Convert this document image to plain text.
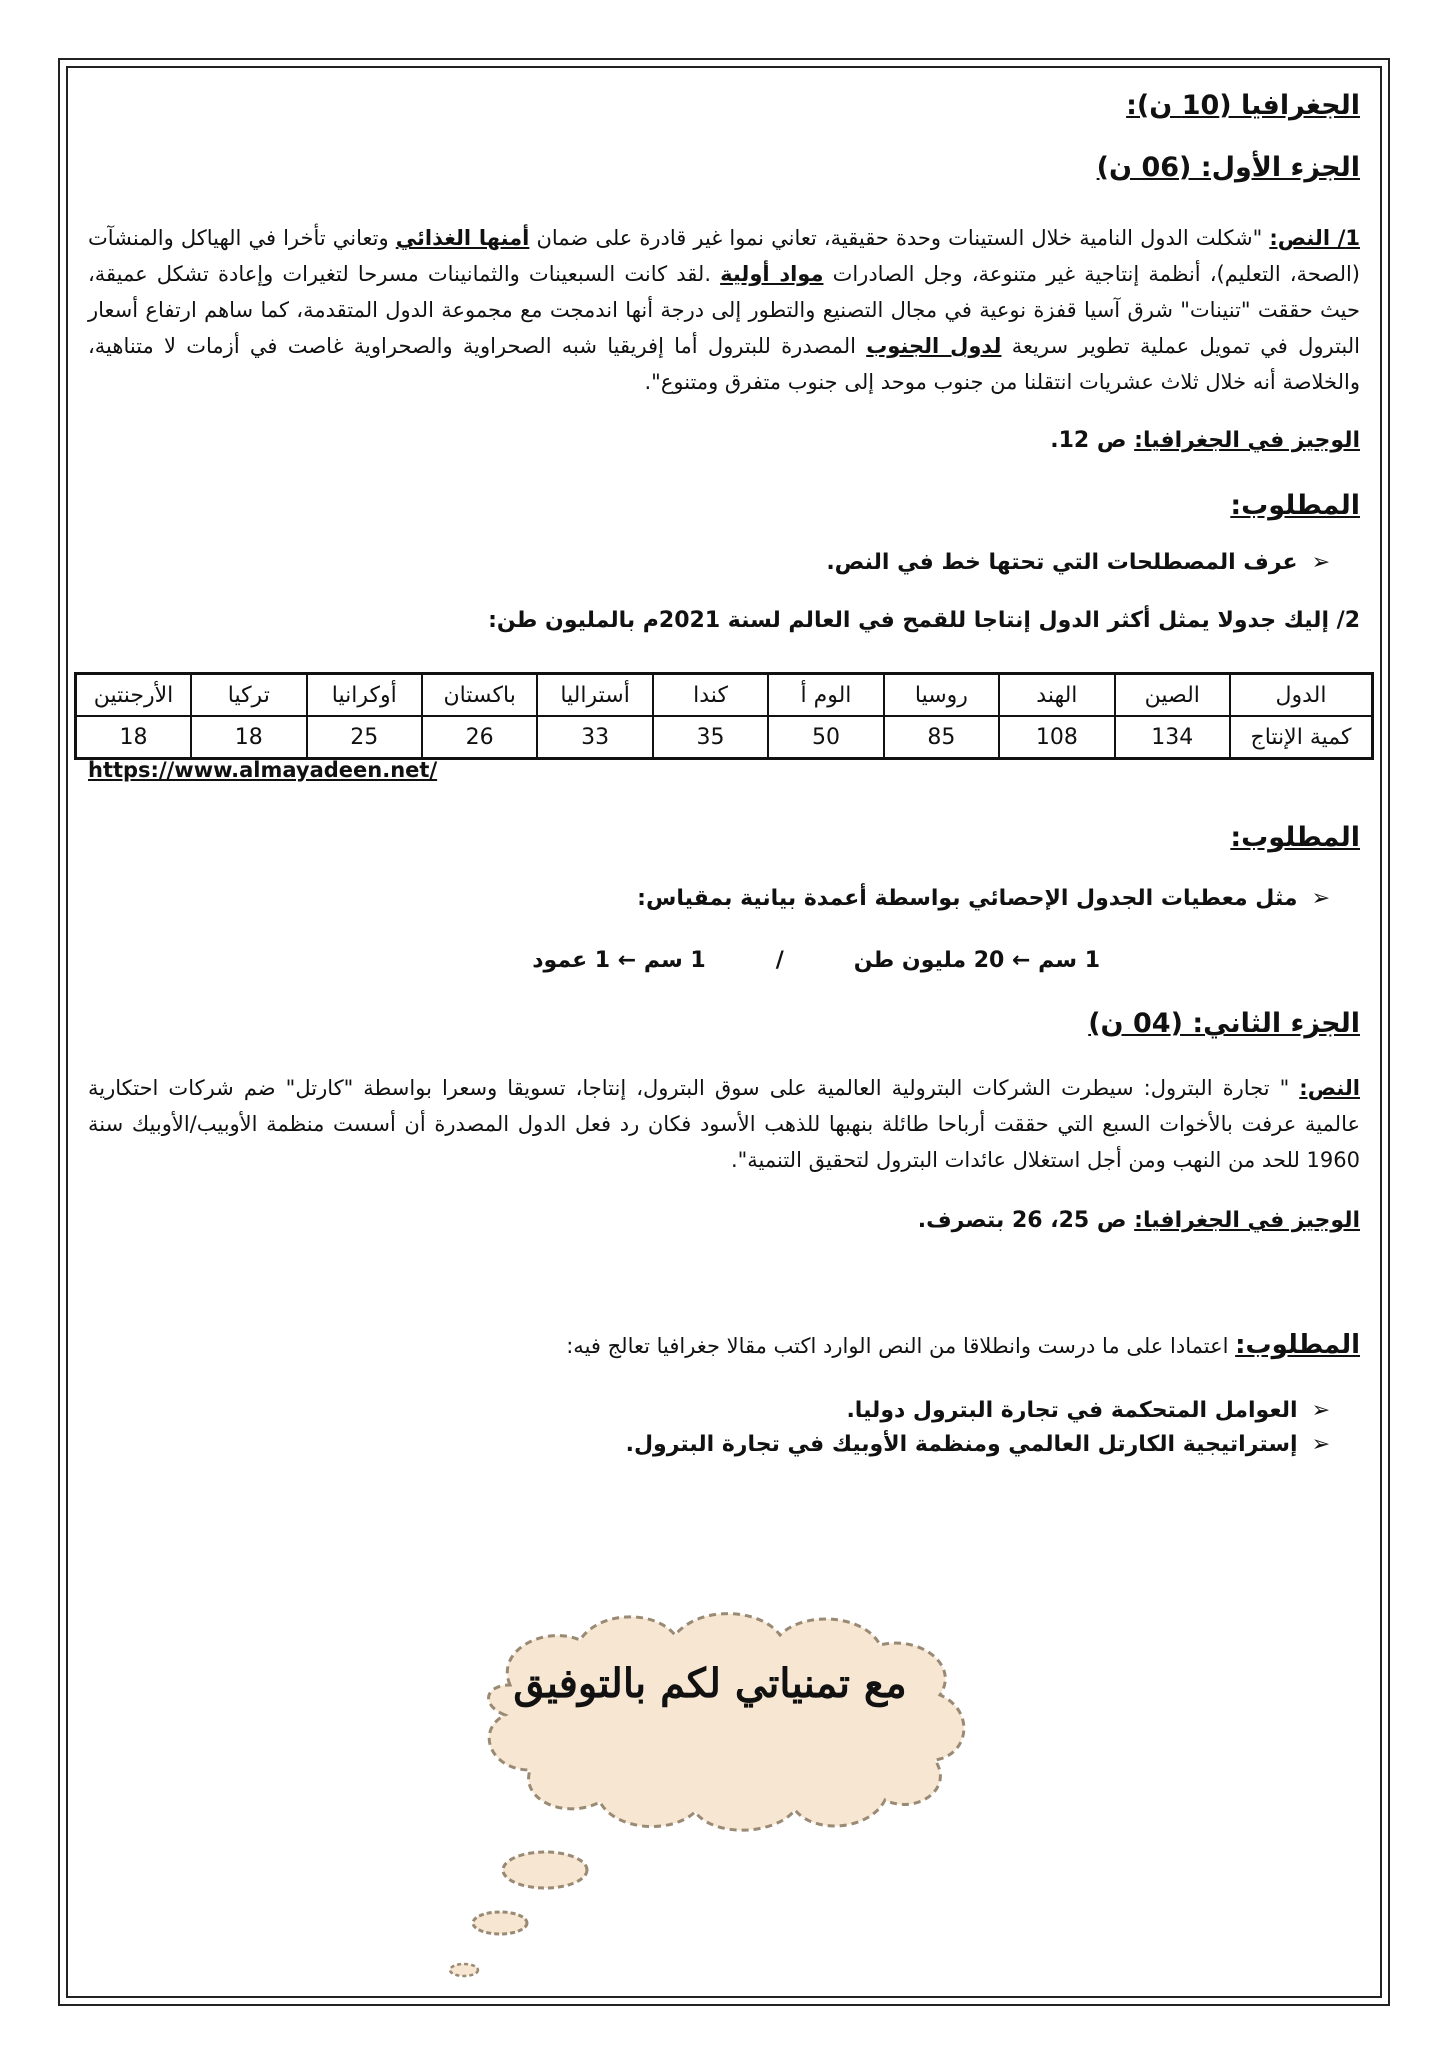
الجغرافيا (10 ن):

الجزء الأول: (06 ن)

1/ النص: "شكلت الدول النامية خلال الستينات وحدة حقيقية، تعاني نموا غير قادرة على ضمان أمنها الغذائي وتعاني تأخرا في الهياكل والمنشآت (الصحة، التعليم)، أنظمة إنتاجية غير متنوعة، وجل الصادرات مواد أولية .لقد كانت السبعينات والثمانينات مسرحا لتغيرات وإعادة تشكل عميقة، حيث حققت "تنينات" شرق آسيا قفزة نوعية في مجال التصنيع والتطور إلى درجة أنها اندمجت مع مجموعة الدول المتقدمة، كما ساهم ارتفاع أسعار البترول في تمويل عملية تطوير سريعة لدول الجنوب المصدرة للبترول أما إفريقيا شبه الصحراوية والصحراوية غاصت في أزمات لا متناهية، والخلاصة أنه خلال ثلاث عشريات انتقلنا من جنوب موحد إلى جنوب متفرق ومتنوع".

الوجيز في الجغرافيا: ص 12.

المطلوب:

➢
عرف المصطلحات التي تحتها خط في النص.

2/ إليك جدولا يمثل أكثر الدول إنتاجا للقمح في العالم لسنة 2021م بالمليون طن:

الدول	الصين	الهند	روسيا	الوم أ	كندا	أستراليا	باكستان	أوكرانيا	تركيا	الأرجنتين
كمية الإنتاج	134	108	85	50	35	33	26	25	18	18

https://www.almayadeen.net/

المطلوب:

➢
مثل معطيات الجدول الإحصائي بواسطة أعمدة بيانية بمقياس:

1 سم ← 20 مليون طن
/
1 سم ← 1 عمود

الجزء الثاني: (04 ن)

النص: " تجارة البترول: سيطرت الشركات البترولية العالمية على سوق البترول، إنتاجا، تسويقا وسعرا بواسطة "كارتل" ضم شركات احتكارية عالمية عرفت بالأخوات السبع التي حققت أرباحا طائلة بنهبها للذهب الأسود فكان رد فعل الدول المصدرة أن أسست منظمة الأوبيب/الأوبيك سنة 1960 للحد من النهب ومن أجل استغلال عائدات البترول لتحقيق التنمية".

الوجيز في الجغرافيا: ص 25، 26 بتصرف.

المطلوب: اعتمادا على ما درست وانطلاقا من النص الوارد اكتب مقالا جغرافيا تعالج فيه:

➢
العوامل المتحكمة في تجارة البترول دوليا.

➢
إستراتيجية الكارتل العالمي ومنظمة الأوبيك في تجارة البترول.

مع تمنياتي لكم بالتوفيق
